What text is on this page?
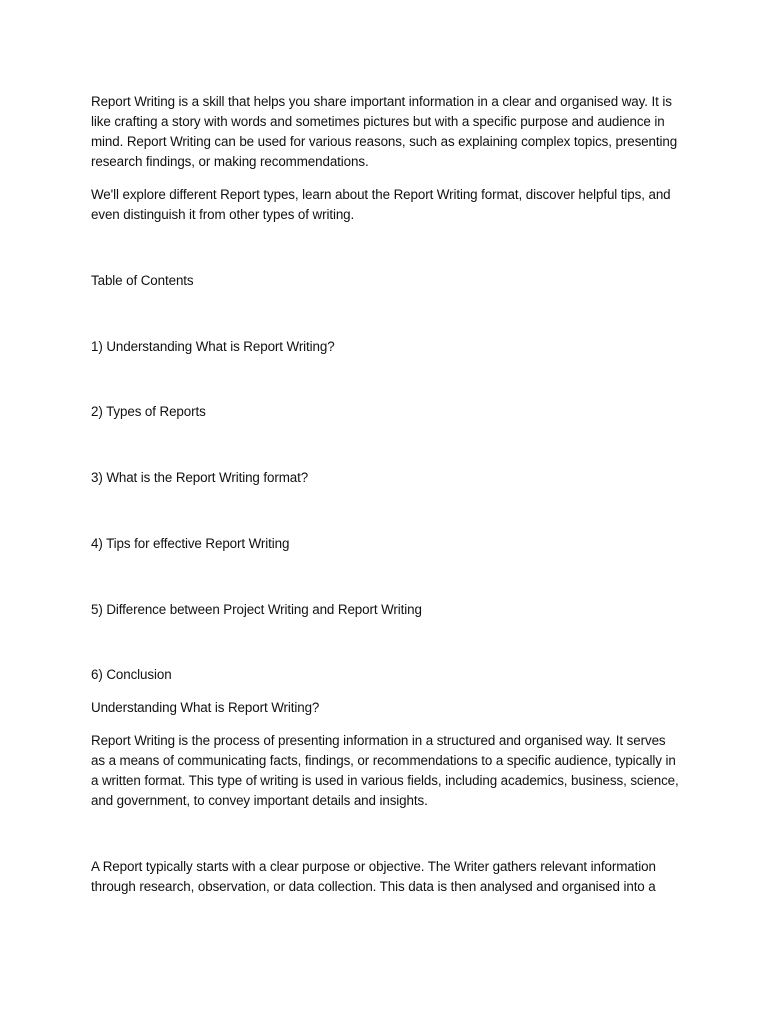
Report Writing is a skill that helps you share important information in a clear and organised way. It is like crafting a story with words and sometimes pictures but with a specific purpose and audience in mind. Report Writing can be used for various reasons, such as explaining complex topics, presenting research findings, or making recommendations.

We'll explore different Report types, learn about the Report Writing format, discover helpful tips, and even distinguish it from other types of writing.

Table of Contents

1) Understanding What is Report Writing?

2) Types of Reports

3) What is the Report Writing format?

4) Tips for effective Report Writing

5) Difference between Project Writing and Report Writing

6) Conclusion

Understanding What is Report Writing?

Report Writing is the process of presenting information in a structured and organised way. It serves as a means of communicating facts, findings, or recommendations to a specific audience, typically in a written format. This type of writing is used in various fields, including academics, business, science, and government, to convey important details and insights.

A Report typically starts with a clear purpose or objective. The Writer gathers relevant information through research, observation, or data collection. This data is then analysed and organised into a
